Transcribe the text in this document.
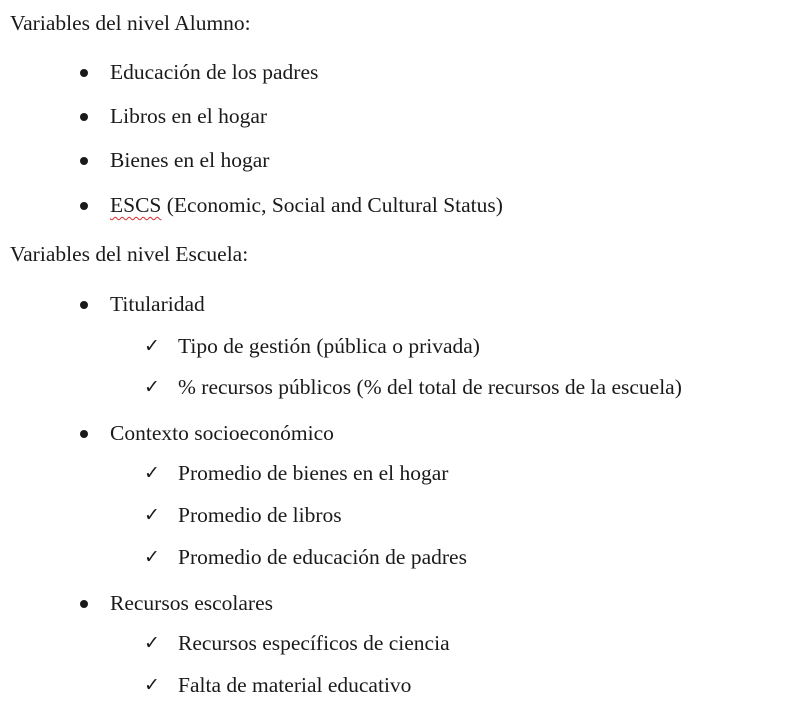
Variables del nivel Alumno:
Educación de los padres
Libros en el hogar
Bienes en el hogar
ESCS (Economic, Social and Cultural Status)
Variables del nivel Escuela:
Titularidad
✓ Tipo de gestión (pública o privada)
✓ % recursos públicos (% del total de recursos de la escuela)
Contexto socioeconómico
✓ Promedio de bienes en el hogar
✓ Promedio de libros
✓ Promedio de educación de padres
Recursos escolares
✓ Recursos específicos de ciencia
✓ Falta de material educativo
